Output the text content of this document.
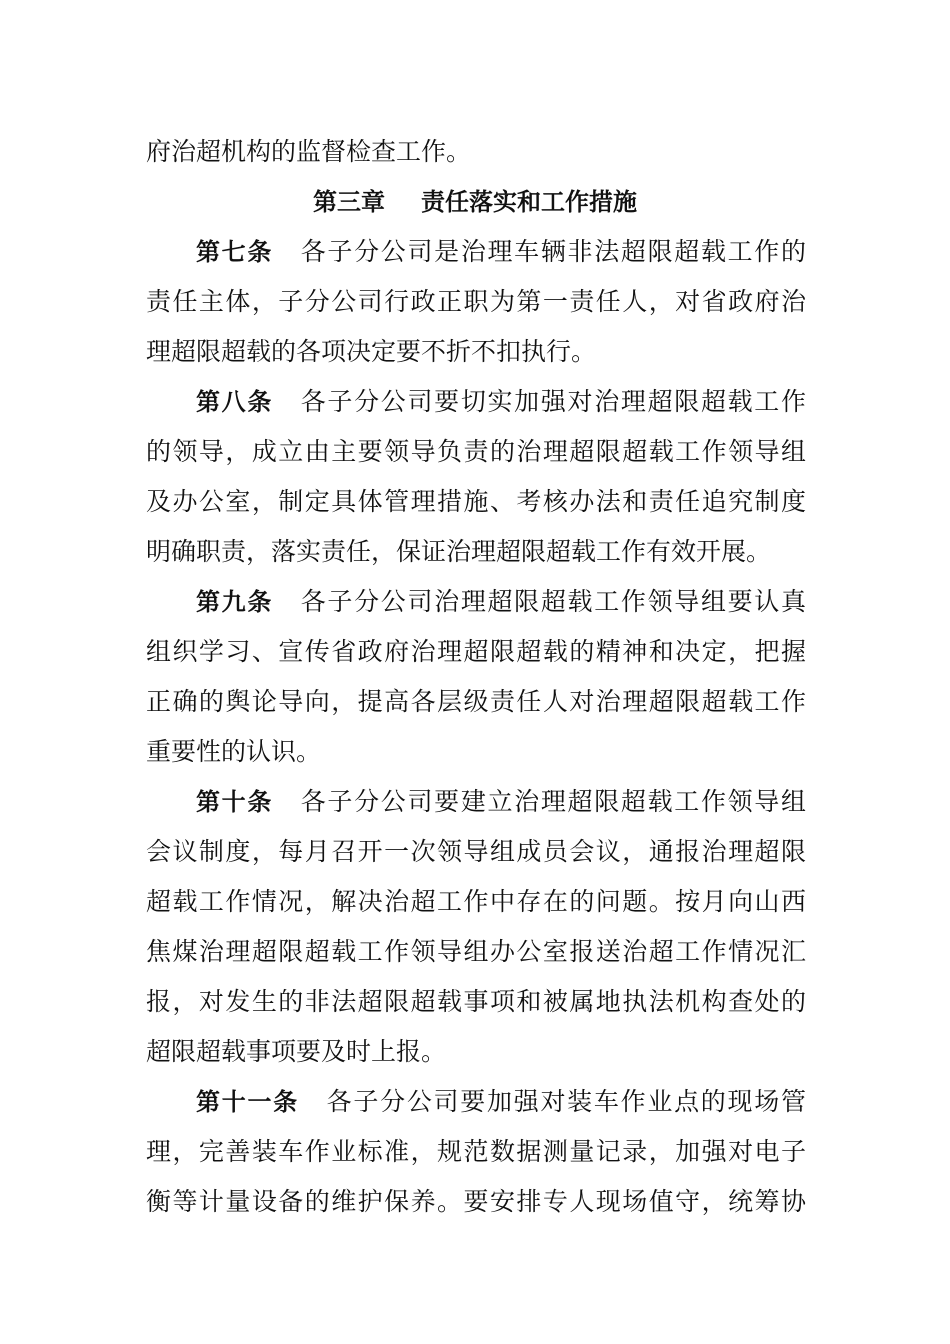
府治超机构的监督检查工作。
第三章 责任落实和工作措施
第七条 各子分公司是治理车辆非法超限超载工作的
责任主体，子分公司行政正职为第一责任人，对省政府治
理超限超载的各项决定要不折不扣执行。
第八条 各子分公司要切实加强对治理超限超载工作
的领导，成立由主要领导负责的治理超限超载工作领导组
及办公室，制定具体管理措施、考核办法和责任追究制度
明确职责，落实责任，保证治理超限超载工作有效开展。
第九条 各子分公司治理超限超载工作领导组要认真
组织学习、宣传省政府治理超限超载的精神和决定，把握
正确的舆论导向，提高各层级责任人对治理超限超载工作
重要性的认识。
第十条 各子分公司要建立治理超限超载工作领导组
会议制度，每月召开一次领导组成员会议，通报治理超限
超载工作情况，解决治超工作中存在的问题。按月向山西
焦煤治理超限超载工作领导组办公室报送治超工作情况汇
报，对发生的非法超限超载事项和被属地执法机构查处的
超限超载事项要及时上报。
第十一条 各子分公司要加强对装车作业点的现场管
理，完善装车作业标准，规范数据测量记录，加强对电子
衡等计量设备的维护保养。要安排专人现场值守，统筹协
